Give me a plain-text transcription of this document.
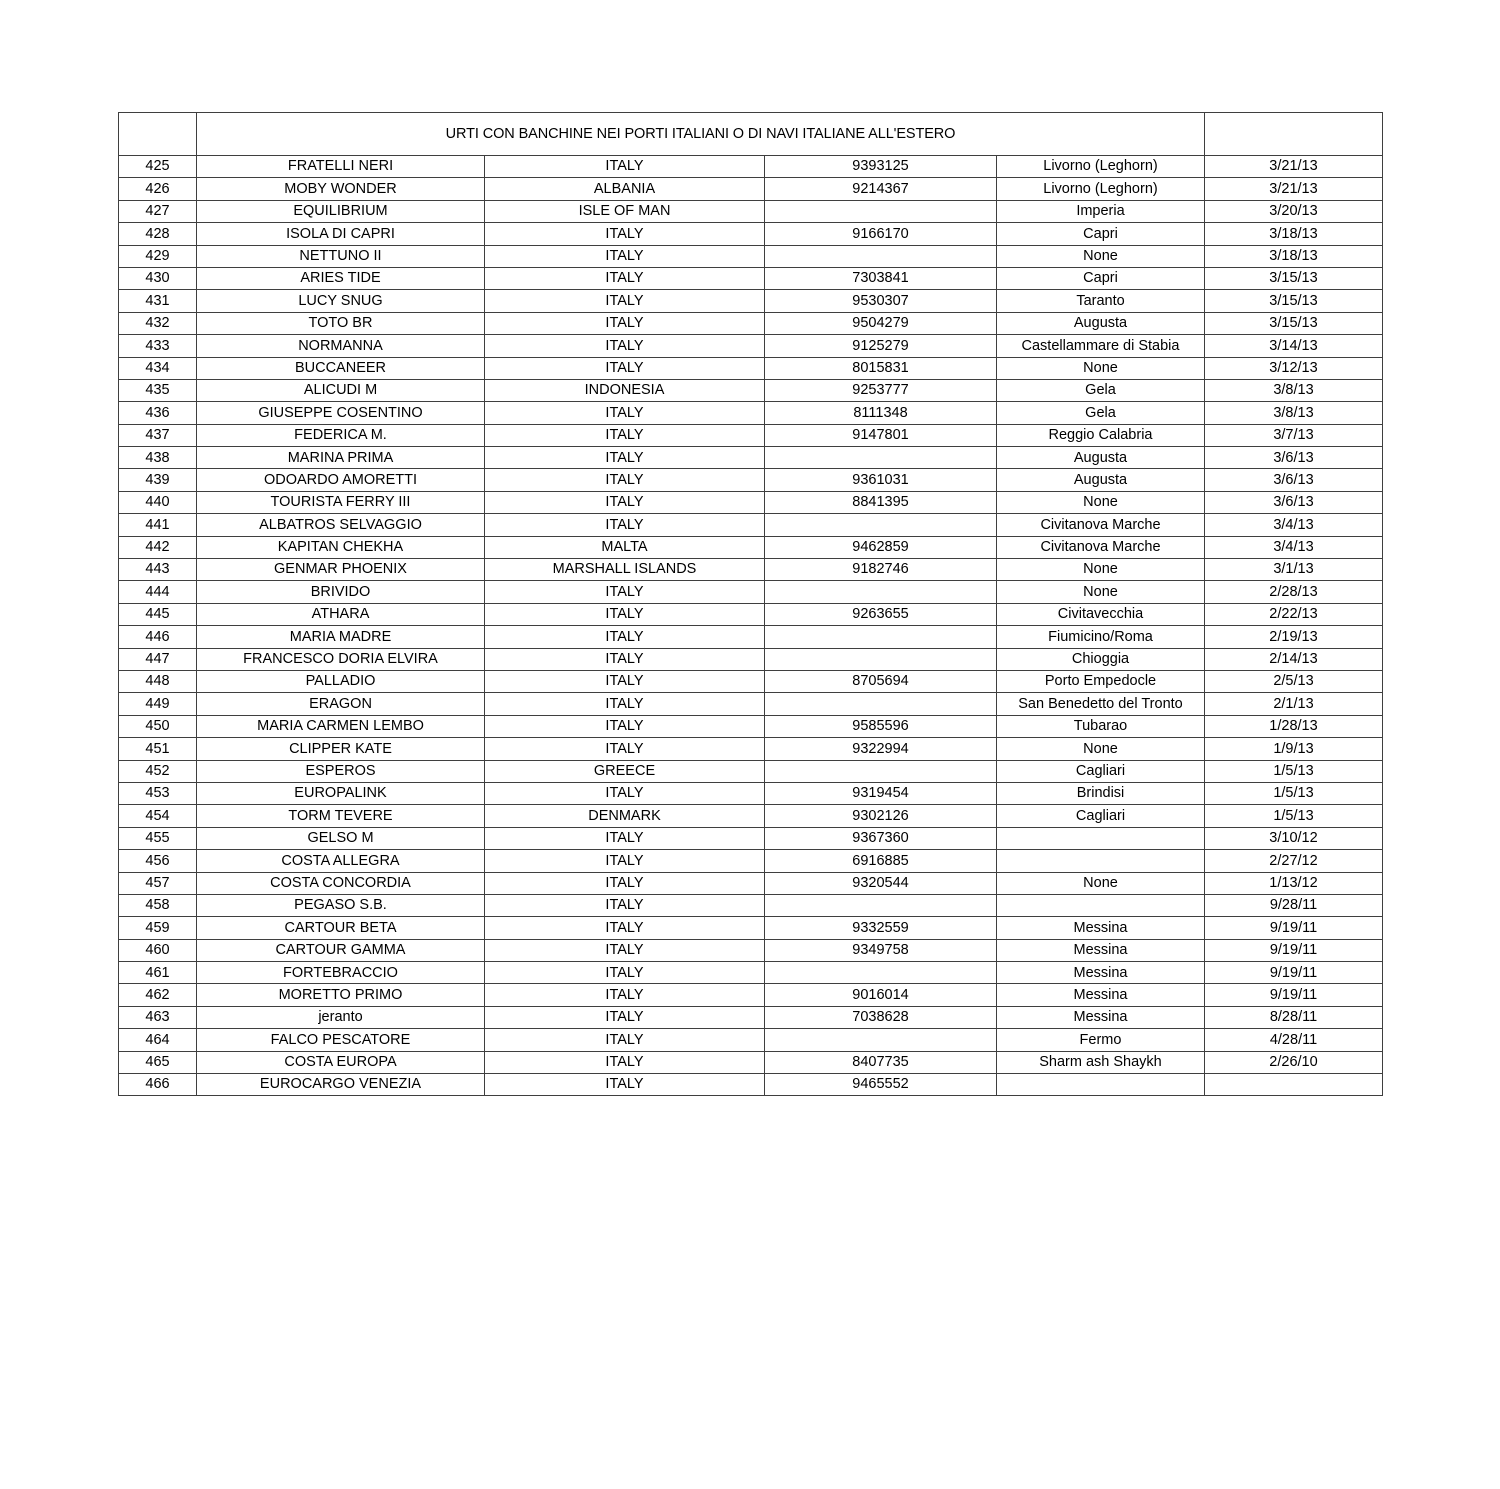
	URTI CON BANCHINE NEI PORTI ITALIANI O DI NAVI ITALIANE ALL'ESTERO				
425	FRATELLI NERI	ITALY	9393125	Livorno (Leghorn)	3/21/13
426	MOBY WONDER	ALBANIA	9214367	Livorno (Leghorn)	3/21/13
427	EQUILIBRIUM	ISLE OF MAN		Imperia	3/20/13
428	ISOLA DI CAPRI	ITALY	9166170	Capri	3/18/13
429	NETTUNO II	ITALY		None	3/18/13
430	ARIES TIDE	ITALY	7303841	Capri	3/15/13
431	LUCY SNUG	ITALY	9530307	Taranto	3/15/13
432	TOTO BR	ITALY	9504279	Augusta	3/15/13
433	NORMANNA	ITALY	9125279	Castellammare di Stabia	3/14/13
434	BUCCANEER	ITALY	8015831	None	3/12/13
435	ALICUDI M	INDONESIA	9253777	Gela	3/8/13
436	GIUSEPPE COSENTINO	ITALY	8111348	Gela	3/8/13
437	FEDERICA M.	ITALY	9147801	Reggio Calabria	3/7/13
438	MARINA PRIMA	ITALY		Augusta	3/6/13
439	ODOARDO AMORETTI	ITALY	9361031	Augusta	3/6/13
440	TOURISTA FERRY III	ITALY	8841395	None	3/6/13
441	ALBATROS SELVAGGIO	ITALY		Civitanova Marche	3/4/13
442	KAPITAN CHEKHA	MALTA	9462859	Civitanova Marche	3/4/13
443	GENMAR PHOENIX	MARSHALL ISLANDS	9182746	None	3/1/13
444	BRIVIDO	ITALY		None	2/28/13
445	ATHARA	ITALY	9263655	Civitavecchia	2/22/13
446	MARIA MADRE	ITALY		Fiumicino/Roma	2/19/13
447	FRANCESCO DORIA ELVIRA	ITALY		Chioggia	2/14/13
448	PALLADIO	ITALY	8705694	Porto Empedocle	2/5/13
449	ERAGON	ITALY		San Benedetto del Tronto	2/1/13
450	MARIA CARMEN LEMBO	ITALY	9585596	Tubarao	1/28/13
451	CLIPPER KATE	ITALY	9322994	None	1/9/13
452	ESPEROS	GREECE		Cagliari	1/5/13
453	EUROPALINK	ITALY	9319454	Brindisi	1/5/13
454	TORM TEVERE	DENMARK	9302126	Cagliari	1/5/13
455	GELSO M	ITALY	9367360		3/10/12
456	COSTA ALLEGRA	ITALY	6916885		2/27/12
457	COSTA CONCORDIA	ITALY	9320544	None	1/13/12
458	PEGASO S.B.	ITALY			9/28/11
459	CARTOUR BETA	ITALY	9332559	Messina	9/19/11
460	CARTOUR GAMMA	ITALY	9349758	Messina	9/19/11
461	FORTEBRACCIO	ITALY		Messina	9/19/11
462	MORETTO PRIMO	ITALY	9016014	Messina	9/19/11
463	jeranto	ITALY	7038628	Messina	8/28/11
464	FALCO PESCATORE	ITALY		Fermo	4/28/11
465	COSTA EUROPA	ITALY	8407735	Sharm ash Shaykh	2/26/10
466	EUROCARGO VENEZIA	ITALY	9465552		
